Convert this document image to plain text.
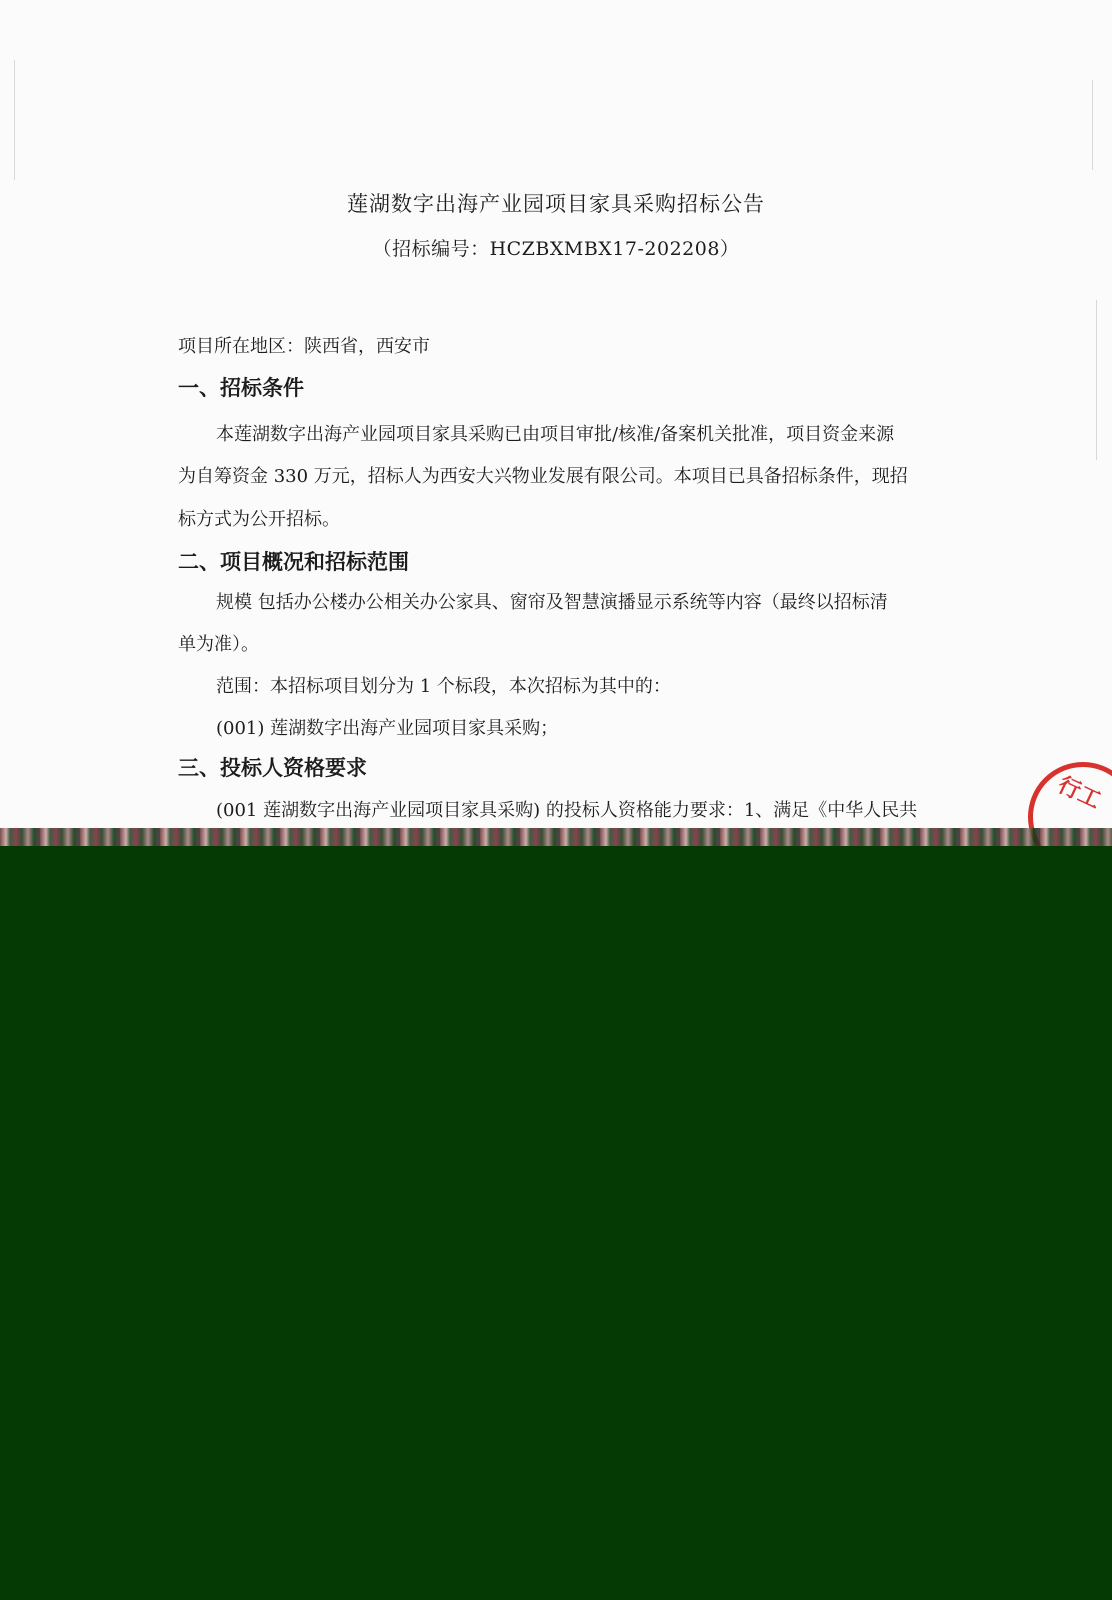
莲湖数字出海产业园项目家具采购招标公告
（招标编号：HCZBXMBX17-202208）
项目所在地区：陕西省，西安市
一、招标条件
本莲湖数字出海产业园项目家具采购已由项目审批/核准/备案机关批准，项目资金来源
为自筹资金 330 万元，招标人为西安大兴物业发展有限公司。本项目已具备招标条件，现招
标方式为公开招标。
二、项目概况和招标范围
规模 包括办公楼办公相关办公家具、窗帘及智慧演播显示系统等内容（最终以招标清
单为准）。
范围：本招标项目划分为 1 个标段，本次招标为其中的：
(001) 莲湖数字出海产业园项目家具采购；
三、投标人资格要求
(001 莲湖数字出海产业园项目家具采购) 的投标人资格能力要求：1、满足《中华人民共	行工
